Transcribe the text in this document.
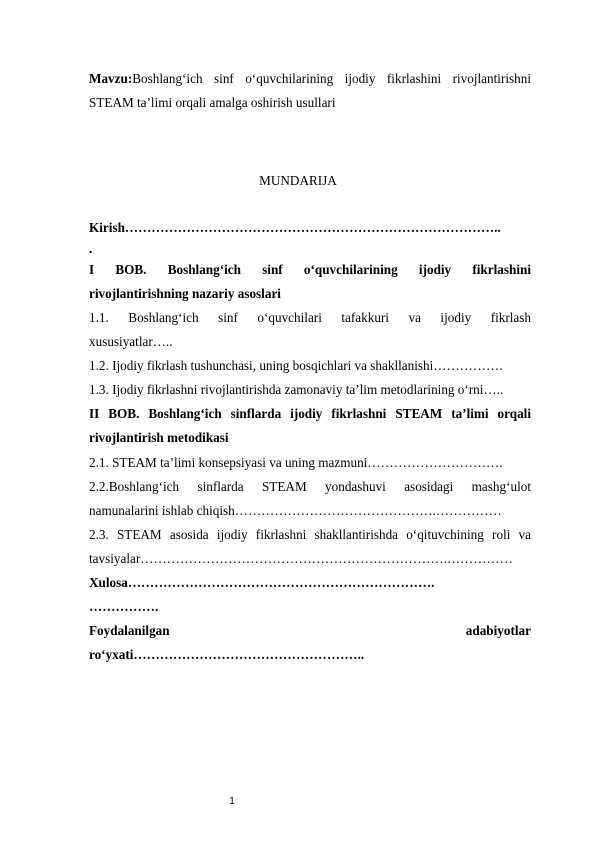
Mavzu:Boshlang‘ich sinf o‘quvchilarining ijodiy fikrlashini rivojlantirishni
STEAM ta’limi orqali amalga oshirish usullari
MUNDARIJA
Kirish…………………………………………………………………………..
.
I BOB. Boshlang‘ich sinf o‘quvchilarining ijodiy fikrlashini
rivojlantirishning nazariy asoslari
1.1. Boshlang‘ich sinf o‘quvchilari tafakkuri va ijodiy fikrlash
xususiyatlar…..
1.2. Ijodiy fikrlash tushunchasi, uning bosqichlari va shakllanishi…………….
1.3. Ijodiy fikrlashni rivojlantirishda zamonaviy ta’lim metodlarining o‘rni…..
II BOB. Boshlang‘ich sinflarda ijodiy fikrlashni STEAM ta’limi orqali
rivojlantirish metodikasi
2.1. STEAM ta’limi konsepsiyasi va uning mazmuni………………………….
2.2.Boshlang‘ich sinflarda STEAM yondashuvi asosidagi mashg‘ulot
namunalarini ishlab chiqish……………………………………….……………
2.3. STEAM asosida ijodiy fikrlashni shakllantirishda o‘qituvchining roli va
tavsiyalar…………………………………………………………….……………
Xulosa…………………………………………………………….
…………….
Foydalanilgan	adabiyotlar
ro‘yxati……………………………………………..
1
